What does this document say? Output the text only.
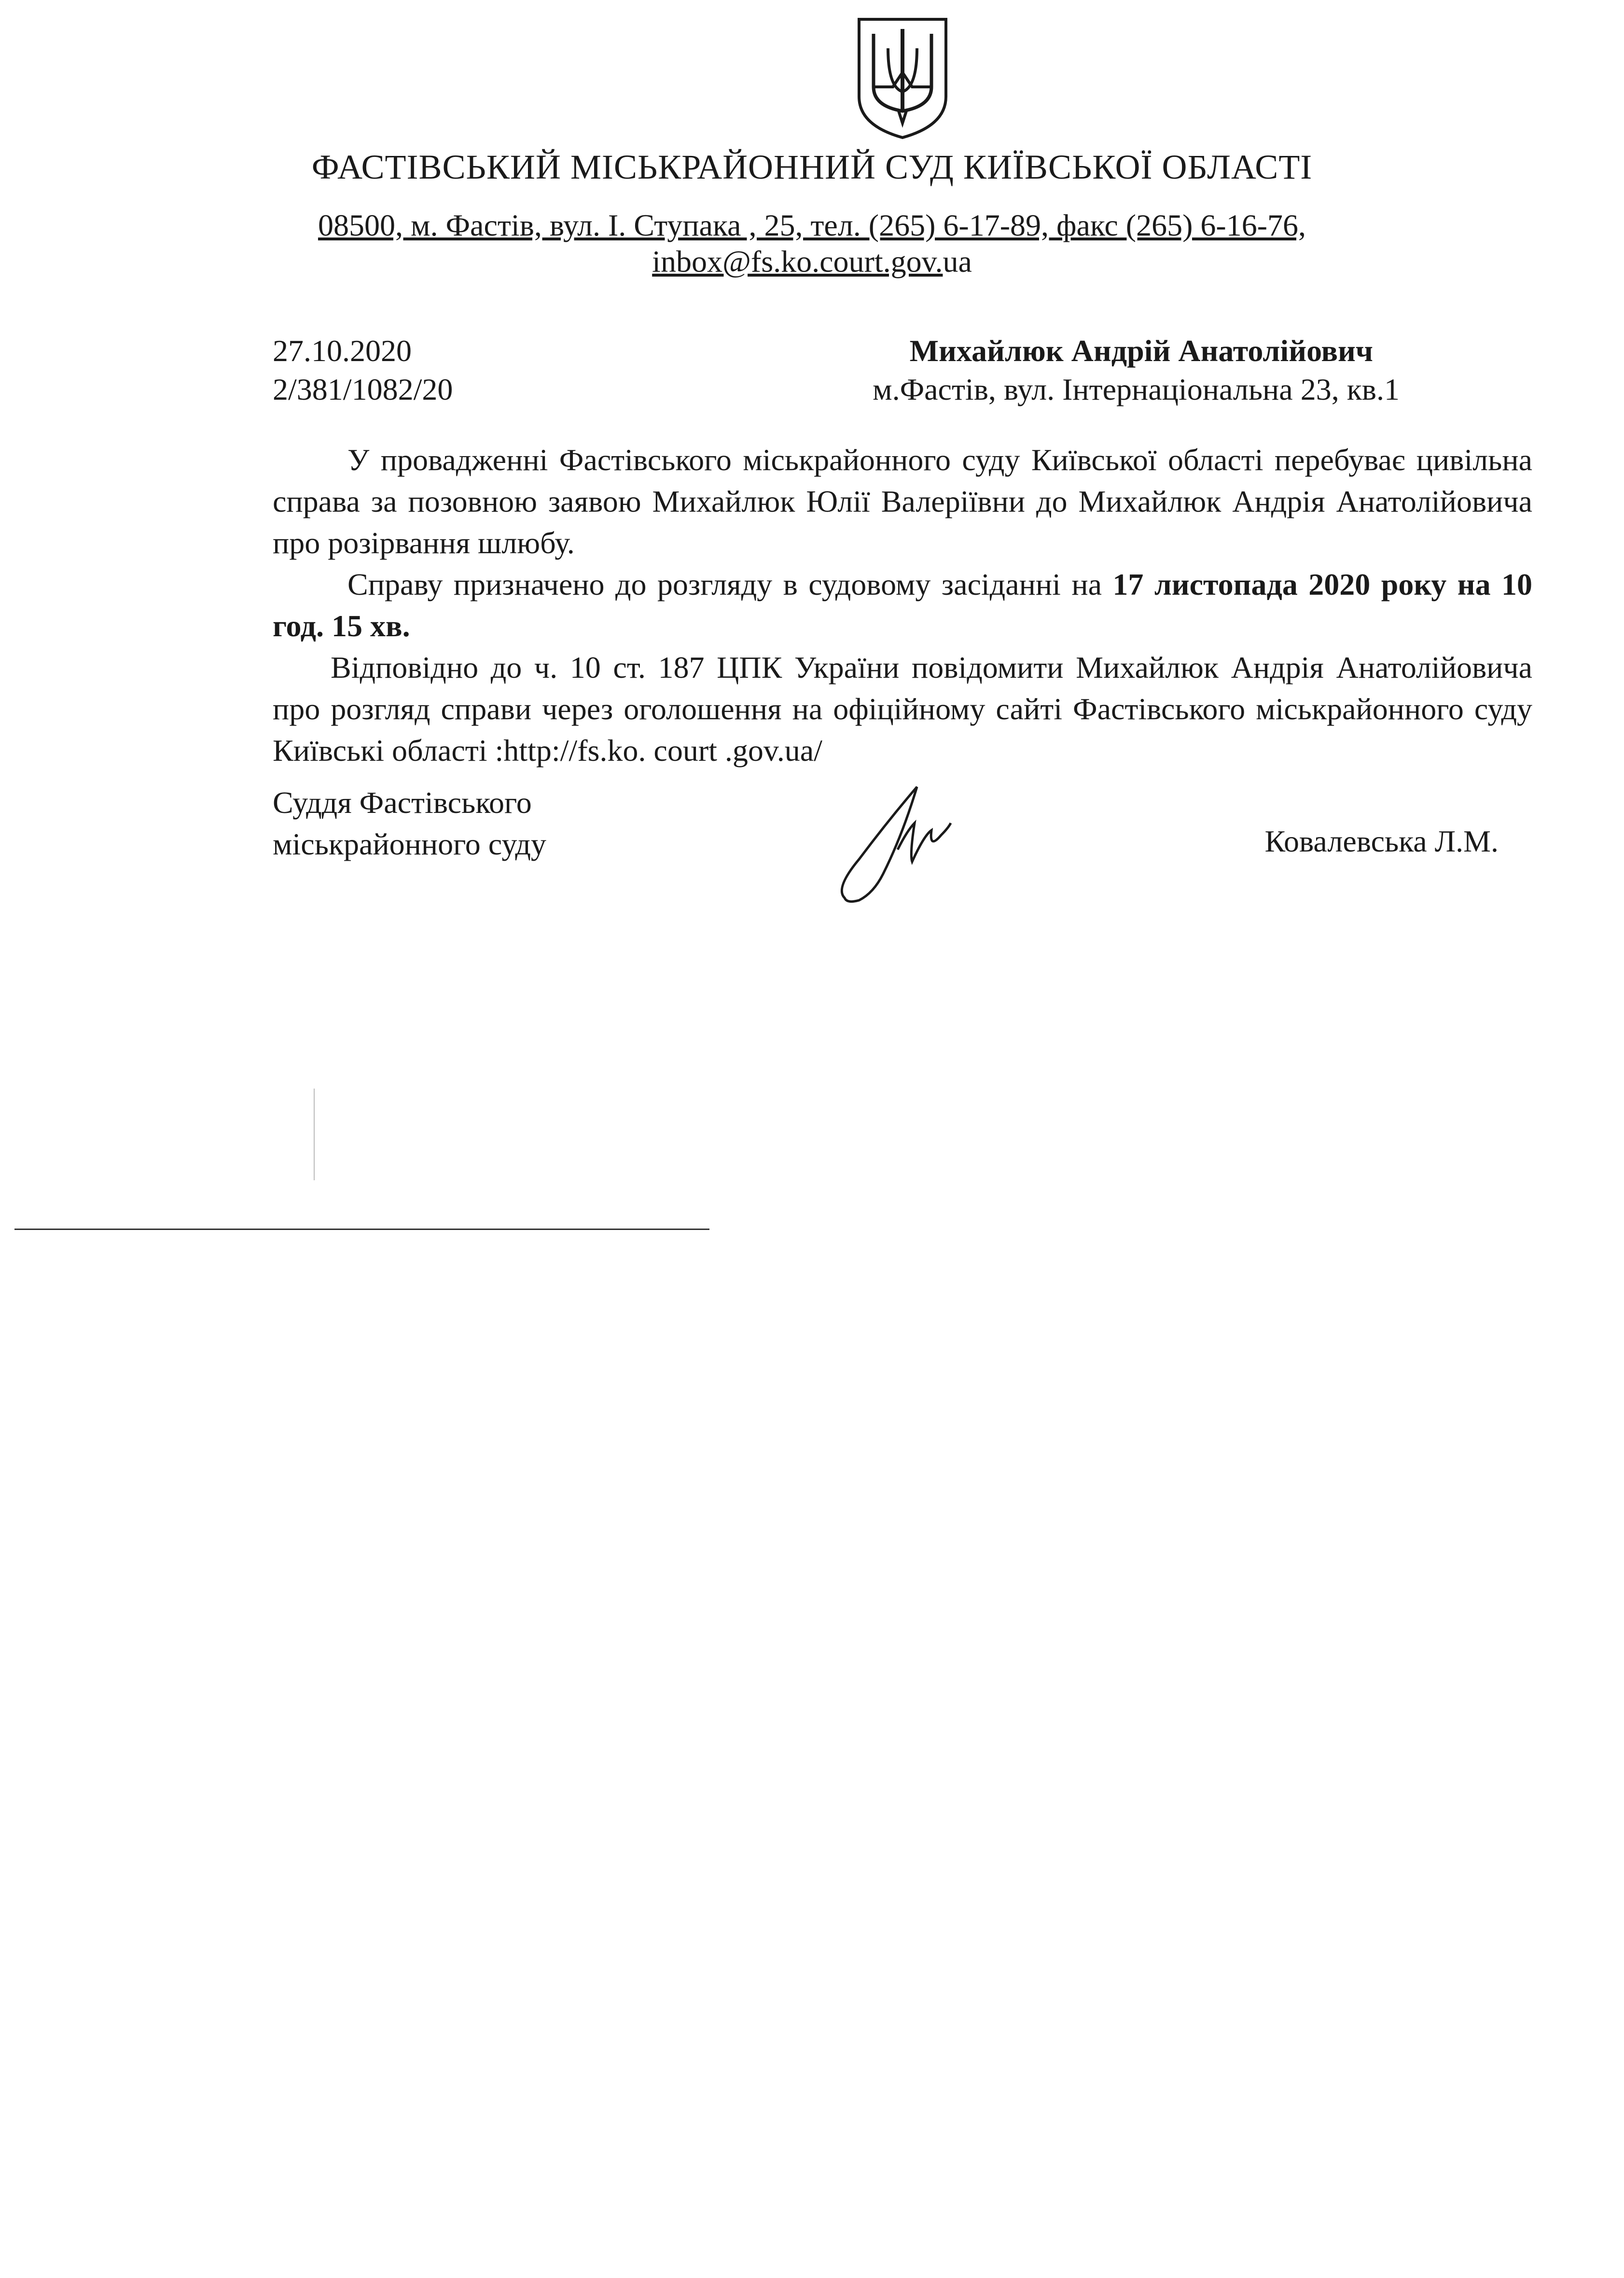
ФАСТІВСЬКИЙ МІСЬКРАЙОННИЙ СУД КИЇВСЬКОЇ ОБЛАСТІ
08500, м. Фастів, вул. І. Ступака , 25, тел. (265) 6-17-89, факс (265) 6-16-76,
inbox@fs.ko.court.gov.ua
27.10.2020
2/381/1082/20
Михайлюк Андрій Анатолійович
м.Фастів, вул. Інтернаціональна 23, кв.1

У провадженні Фастівського міськрайонного суду Київської області перебуває цивільна справа за позовною заявою Михайлюк Юлії Валеріївни до Михайлюк Андрія Анатолійовича про розірвання шлюбу.

Справу призначено до розгляду в судовому засіданні на 17 листопада 2020 року на 10 год. 15 хв.

Відповідно до ч. 10 ст. 187 ЦПК України повідомити Михайлюк Андрія Анатолійовича про розгляд справи через оголошення на офіційному сайті Фастівського міськрайонного суду Київські області :http://fs.ko. court .gov.ua/

Суддя Фастівського
міськрайонного суду	Ковалевська Л.М.
